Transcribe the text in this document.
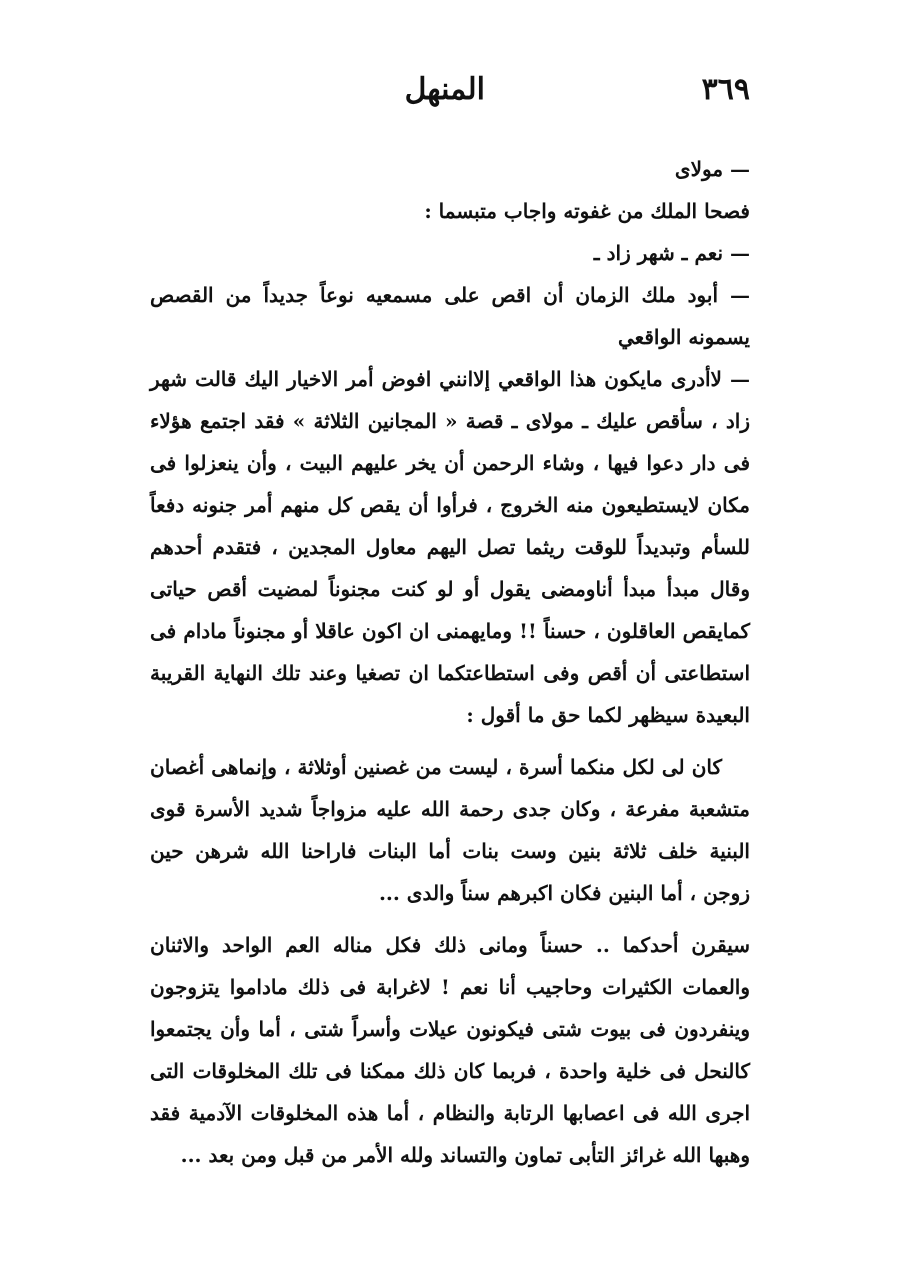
٣٦٩
المنهل

— مولاى

فصحا الملك من غفوته واجاب متبسما :

— نعم ـ شهر زاد ـ

— أبود ملك الزمان أن اقص على مسمعيه نوعاً جديداً من القصص يسمونه الواقعي

— لاأدرى مايكون هذا الواقعي إلاانني افوض أمر الاخيار اليك قالت شهر زاد ، سأقص عليك ـ مولاى ـ قصة « المجانين الثلاثة » فقد اجتمع هؤلاء فى دار دعوا فيها ، وشاء الرحمن أن يخر عليهم البيت ، وأن ينعزلوا فى مكان لايستطيعون منه الخروج ، فرأوا أن يقص كل منهم أمر جنونه دفعاً للسأم وتبديداً للوقت ريثما تصل اليهم معاول المجدين ، فتقدم أحدهم وقال مبدأ مبدأ أناومضى يقول أو لو كنت مجنوناً لمضيت أقص حياتى كمايقص العاقلون ، حسناً !! ومايهمنى ان اكون عاقلا أو مجنوناً مادام فى استطاعتى أن أقص وفى استطاعتكما ان تصغيا وعند تلك النهاية القريبة البعيدة سيظهر لكما حق ما أقول :

كان لى لكل منكما أسرة ، ليست من غصنين أوثلاثة ، وإنماهى أغصان متشعبة مفرعة ، وكان جدى رحمة الله عليه مزواجاً شديد الأسرة قوى البنية خلف ثلاثة بنين وست بنات أما البنات فاراحنا الله شرهن حين زوجن ، أما البنين فكان اكبرهم سناً والدى ...

سيقرن أحدكما .. حسناً ومانى ذلك فكل مناله العم الواحد والاثنان والعمات الكثيرات وحاجيب أنا نعم ! لاغرابة فى ذلك ماداموا يتزوجون وينفردون فى بيوت شتى فيكونون عيلات وأسراً شتى ، أما وأن يجتمعوا كالنحل فى خلية واحدة ، فربما كان ذلك ممكنا فى تلك المخلوقات التى اجرى الله فى اعصابها الرتابة والنظام ، أما هذه المخلوقات الآدمية فقد وهبها الله غرائز التأبى تماون والتساند ولله الأمر من قبل ومن بعد ...
